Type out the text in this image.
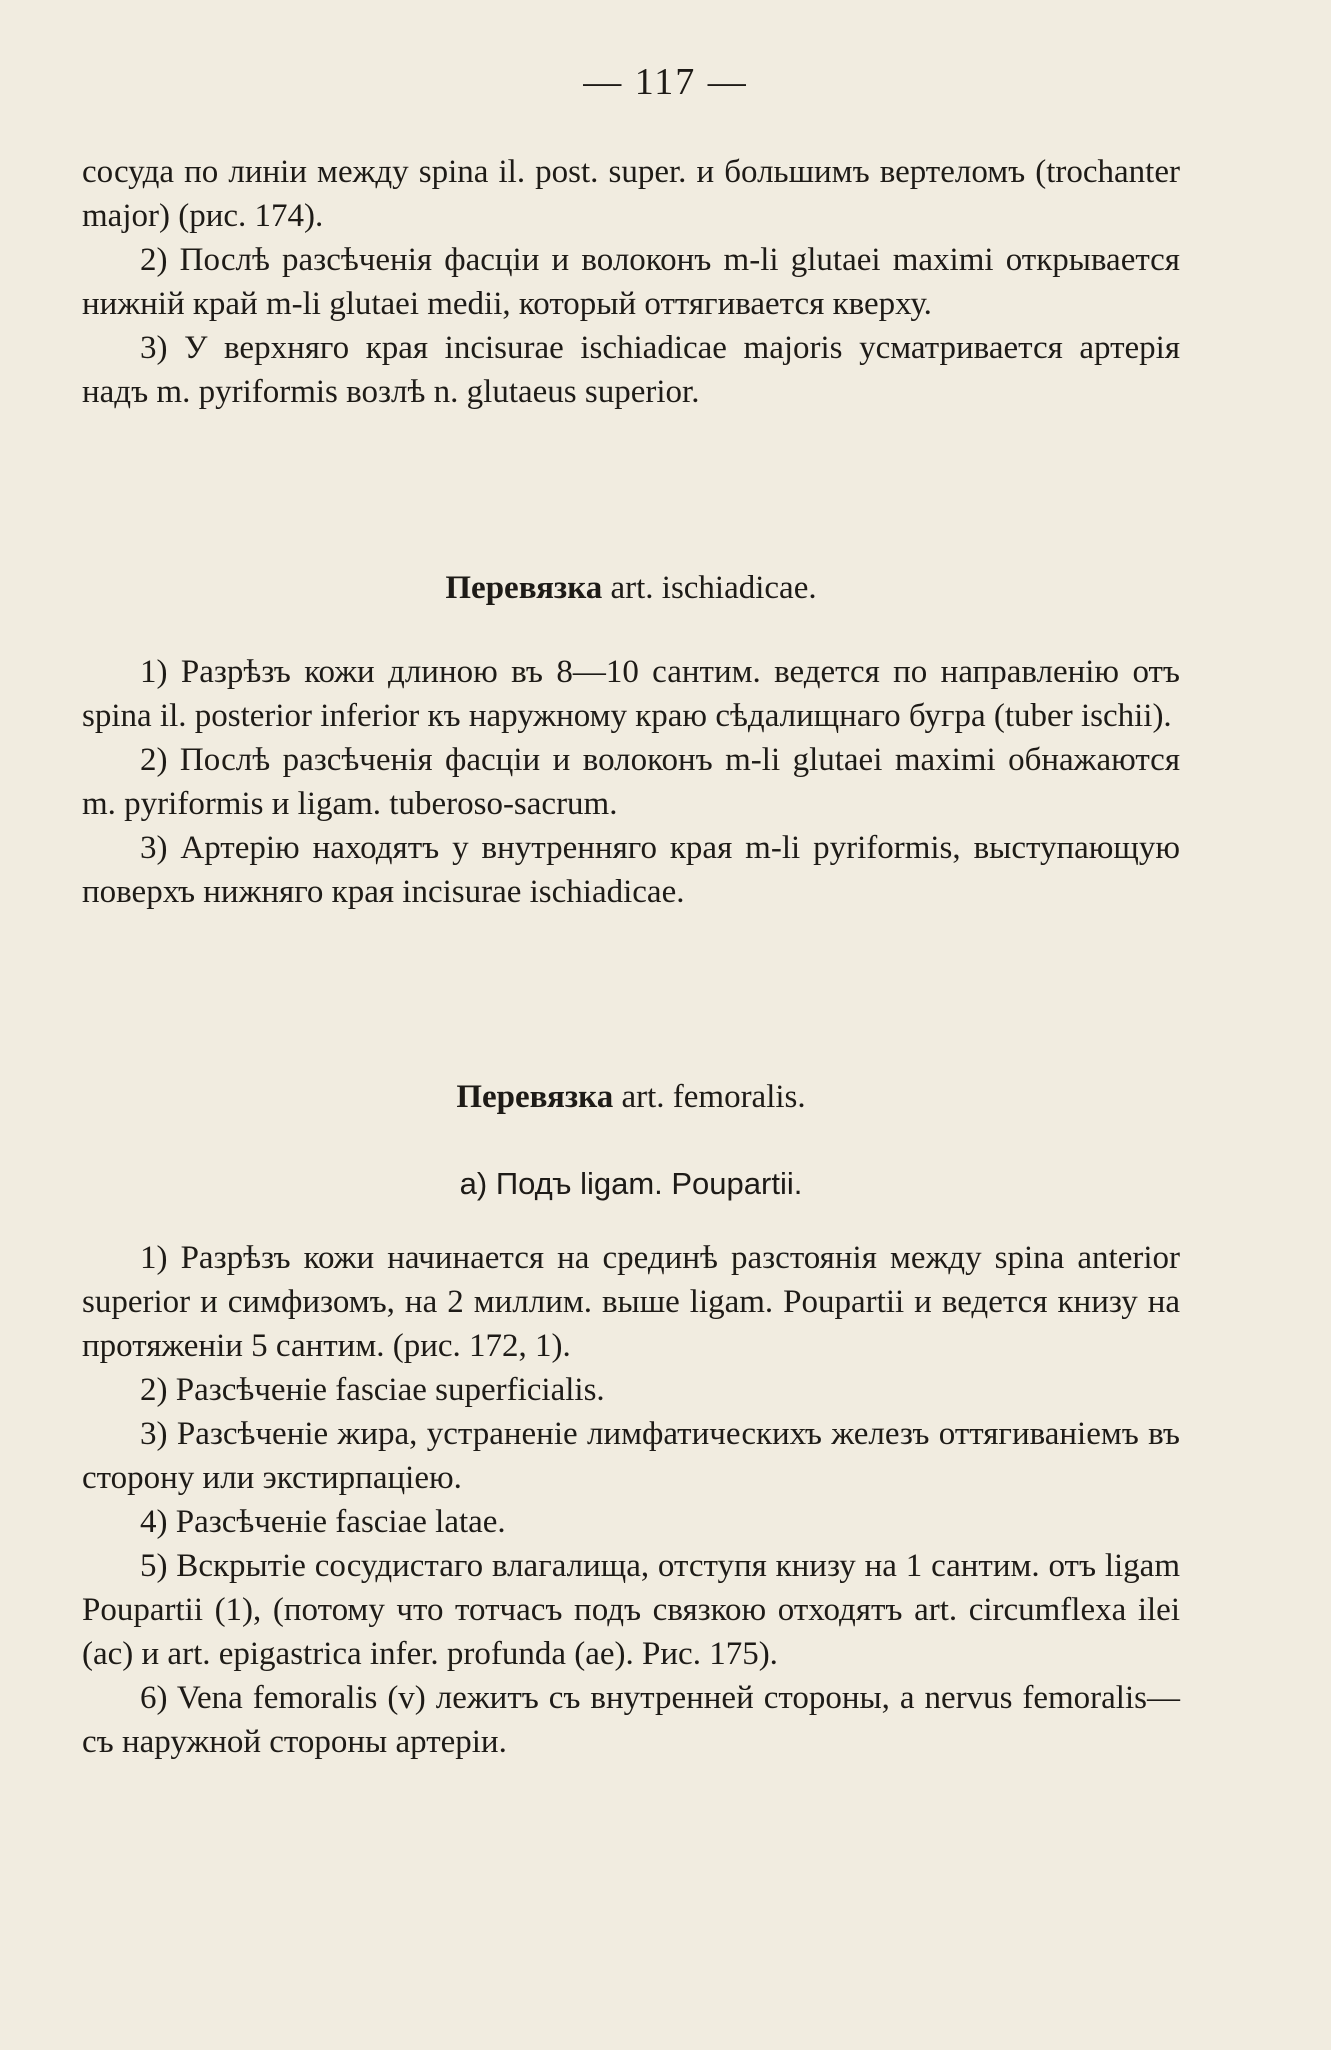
— 117 —

сосуда по линіи между spina il. post. super. и большимъ вертеломъ (trochanter major) (рис. 174).

2) Послѣ разсѣченія фасціи и волоконъ m-li glutaei maximi открывается нижній край m-li glutaei medii, который оттягивается кверху.

3) У верхняго края incisurae ischiadicae majoris усматривается артерія надъ m. pyriformis возлѣ n. glutaeus superior.

Перевязка art. ischiadicae.

1) Разрѣзъ кожи длиною въ 8—10 сантим. ведется по направленію отъ spina il. posterior inferior къ наружному краю сѣдалищнаго бугра (tuber ischii).

2) Послѣ разсѣченія фасціи и волоконъ m-li glutaei maximi обнажаются m. pyriformis и ligam. tuberoso-sacrum.

3) Артерію находятъ у внутренняго края m-li pyriformis, выступающую поверхъ нижняго края incisurae ischiadicae.

Перевязка art. femoralis.

а) Подъ ligam. Poupartii.

1) Разрѣзъ кожи начинается на срединѣ разстоянія между spina anterior superior и симфизомъ, на 2 миллим. выше ligam. Poupartii и ведется книзу на протяженіи 5 сантим. (рис. 172, 1).

2) Разсѣченіе fasciae superficialis.

3) Разсѣченіе жира, устраненіе лимфатическихъ железъ оттягиваніемъ въ сторону или экстирпаціею.

4) Разсѣченіе fasciae latae.

5) Вскрытіе сосудистаго влагалища, отступя книзу на 1 сантим. отъ ligam Poupartii (1), (потому что тотчасъ подъ связкою отходятъ art. circumflexa ilei (ac) и art. epigastrica infer. profunda (ae). Рис. 175).

6) Vena femoralis (v) лежитъ съ внутренней стороны, а nervus femoralis—съ наружной стороны артеріи.
